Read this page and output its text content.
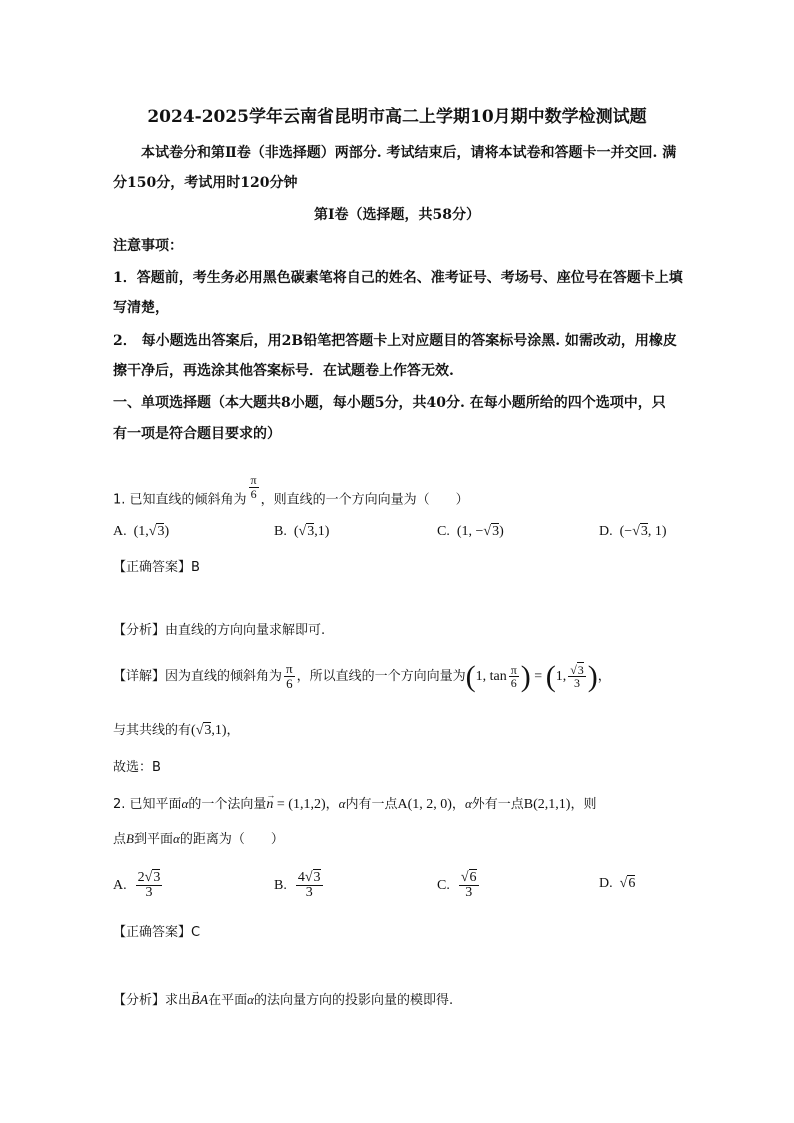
2024-2025学年云南省昆明市高二上学期10月期中数学检测试题
本试卷分和第Ⅱ卷（非选择题）两部分. 考试结束后，请将本试卷和答题卡一并交回. 满
分150分，考试用时120分钟
第Ⅰ卷（选择题，共58分）
注意事项：
1．答题前，考生务必用黑色碳素笔将自己的姓名、准考证号、考场号、座位号在答题卡上填
写清楚，
2． 每小题选出答案后，用2B铅笔把答题卡上对应题目的答案标号涂黑. 如需改动，用橡皮
擦干净后，再选涂其他答案标号．在试题卷上作答无效.
一、单项选择题（本大题共8小题，每小题5分，共40分. 在每小题所给的四个选项中，只
有一项是符合题目要求的）
1. 已知直线的倾斜角为 $\frac{\pi}{6}$ ，则直线的一个方向向量为（　　）
A. (1,√3)	B. (√3,1)	C. (1, −√3)	D. (−√3, 1)
【正确答案】B
【分析】由直线的方向向量求解即可.
【详解】因为直线的倾斜角为 $\frac{\pi}{6}$ ，所以直线的一个方向向量为(1, $\tan \frac{\pi}{6}$ ) = (1, $\frac{√3}{3}$ )，
与其共线的有(√3,1)，
故选：B
2. 已知平面α的一个法向量→ n = (1,1,2)，α内有一点A(1, 2, 0)，α外有一点B(2,1,1)，则
点B到平面α的距离为（　　）
A. $\frac{2√3}{3}$	B. $\frac{4√3}{3}$	C. $\frac{√6}{3}$	D.  √6
【正确答案】C
【分析】求出→ BA在平面α的法向量方向的投影向量的模即得.
